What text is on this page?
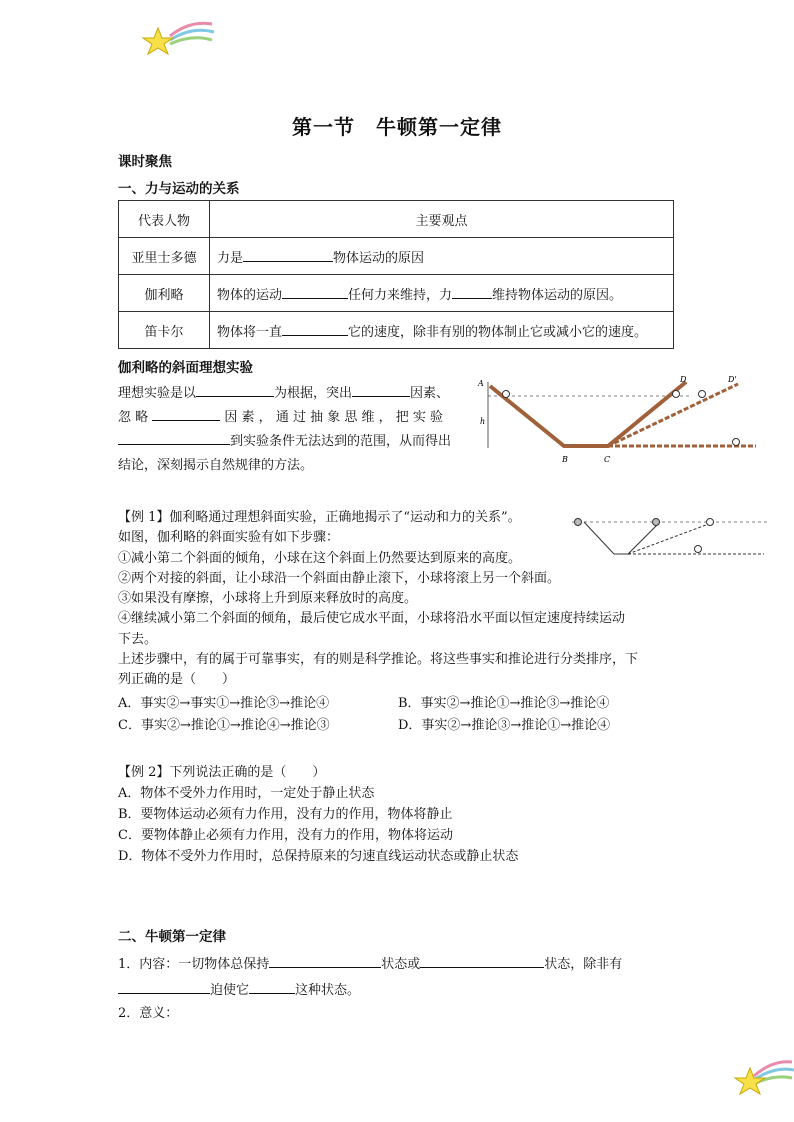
第一节　牛顿第一定律
课时聚焦
一、力与运动的关系
代表人物	主要观点
亚里士多德	力是 物体运动的原因
伽利略	物体的运动 任何力来维持，力 维持物体运动的原因。
笛卡尔	物体将一直 它的速度，除非有别的物体制止它或减小它的速度。
伽利略的斜面理想实验
理想实验是以	为根据，突出	因素、
忽 略	因 素 ， 通 过 抽 象 思 维 ， 把 实 验
到实验条件无法达到的范围，从而得出
结论，深刻揭示自然规律的方法。
A
h
B	C
D	D'
【例 1】伽利略通过理想斜面实验，正确地揭示了“运动和力的关系”。
如图，伽利略的斜面实验有如下步骤：
①减小第二个斜面的倾角，小球在这个斜面上仍然要达到原来的高度。
②两个对接的斜面，让小球沿一个斜面由静止滚下，小球将滚上另一个斜面。
③如果没有摩擦，小球将上升到原来释放时的高度。
④继续减小第二个斜面的倾角，最后使它成水平面，小球将沿水平面以恒定速度持续运动
下去。
上述步骤中，有的属于可靠事实，有的则是科学推论。将这些事实和推论进行分类排序，下
列正确的是（　　）
A．事实②→事实①→推论③→推论④	B．事实②→推论①→推论③→推论④
C．事实②→推论①→推论④→推论③	D．事实②→推论③→推论①→推论④
【例 2】下列说法正确的是（　　）
A．物体不受外力作用时，一定处于静止状态
B．要物体运动必须有力作用，没有力的作用，物体将静止
C．要物体静止必须有力作用，没有力的作用，物体将运动
D．物体不受外力作用时，总保持原来的匀速直线运动状态或静止状态
二、牛顿第一定律
1．内容：一切物体总保持	状态或	状态，除非有
迫使它	这种状态。
2．意义：
